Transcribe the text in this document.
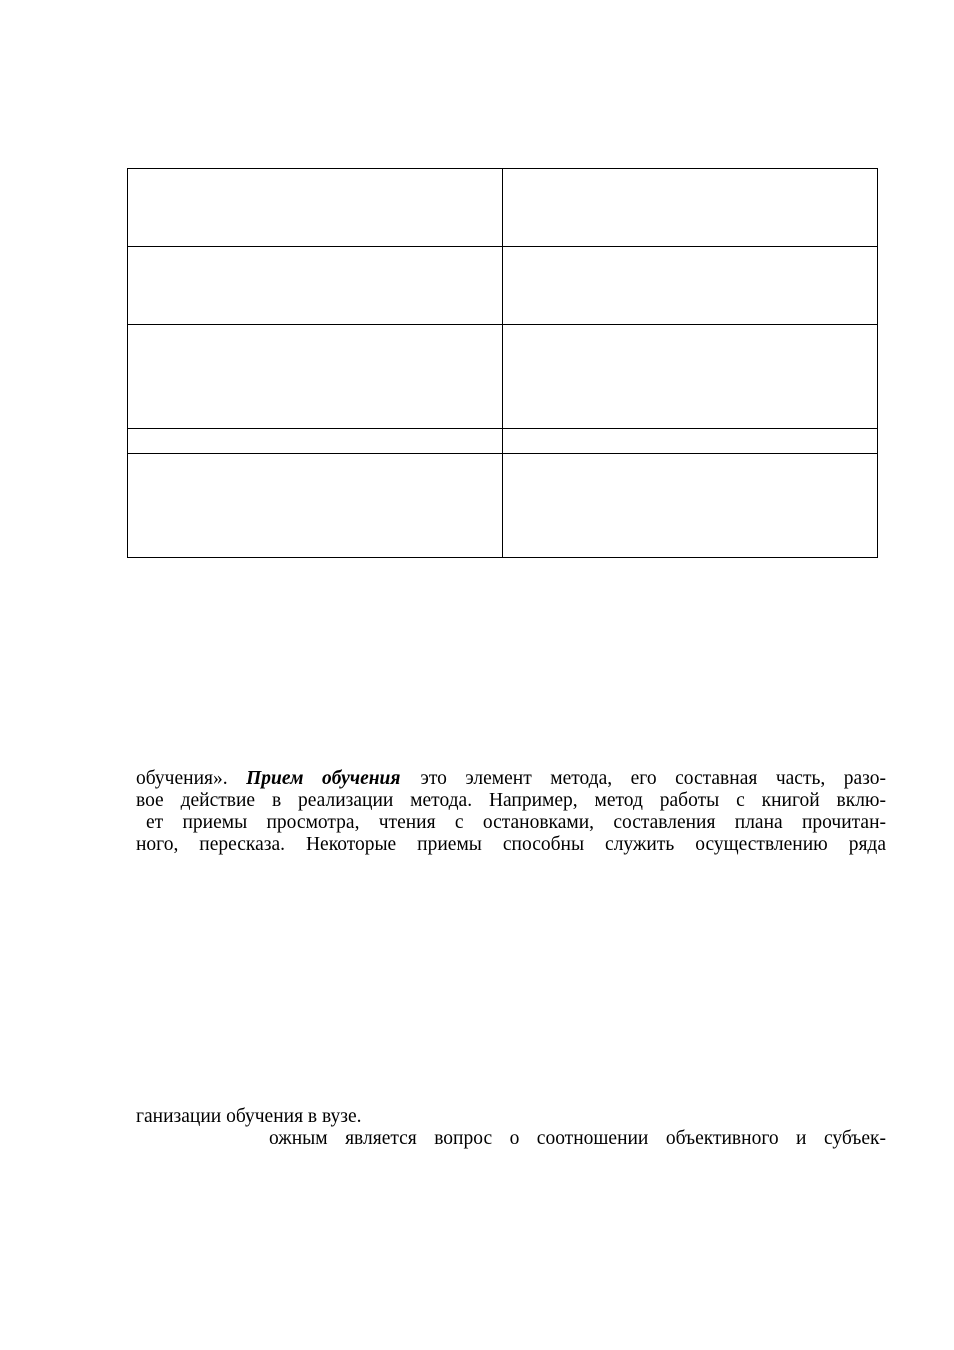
обучения». Прием обучения это элемент метода, его составная часть, разо-
вое действие в реализации метода. Например, метод работы с книгой вклю-
ет приемы просмотра, чтения с остановками, составления плана прочитан-
ного, пересказа. Некоторые приемы способны служить осуществлению ряда
ганизации обучения в вузе.
ожным является вопрос о соотношении объективного и субъек-
